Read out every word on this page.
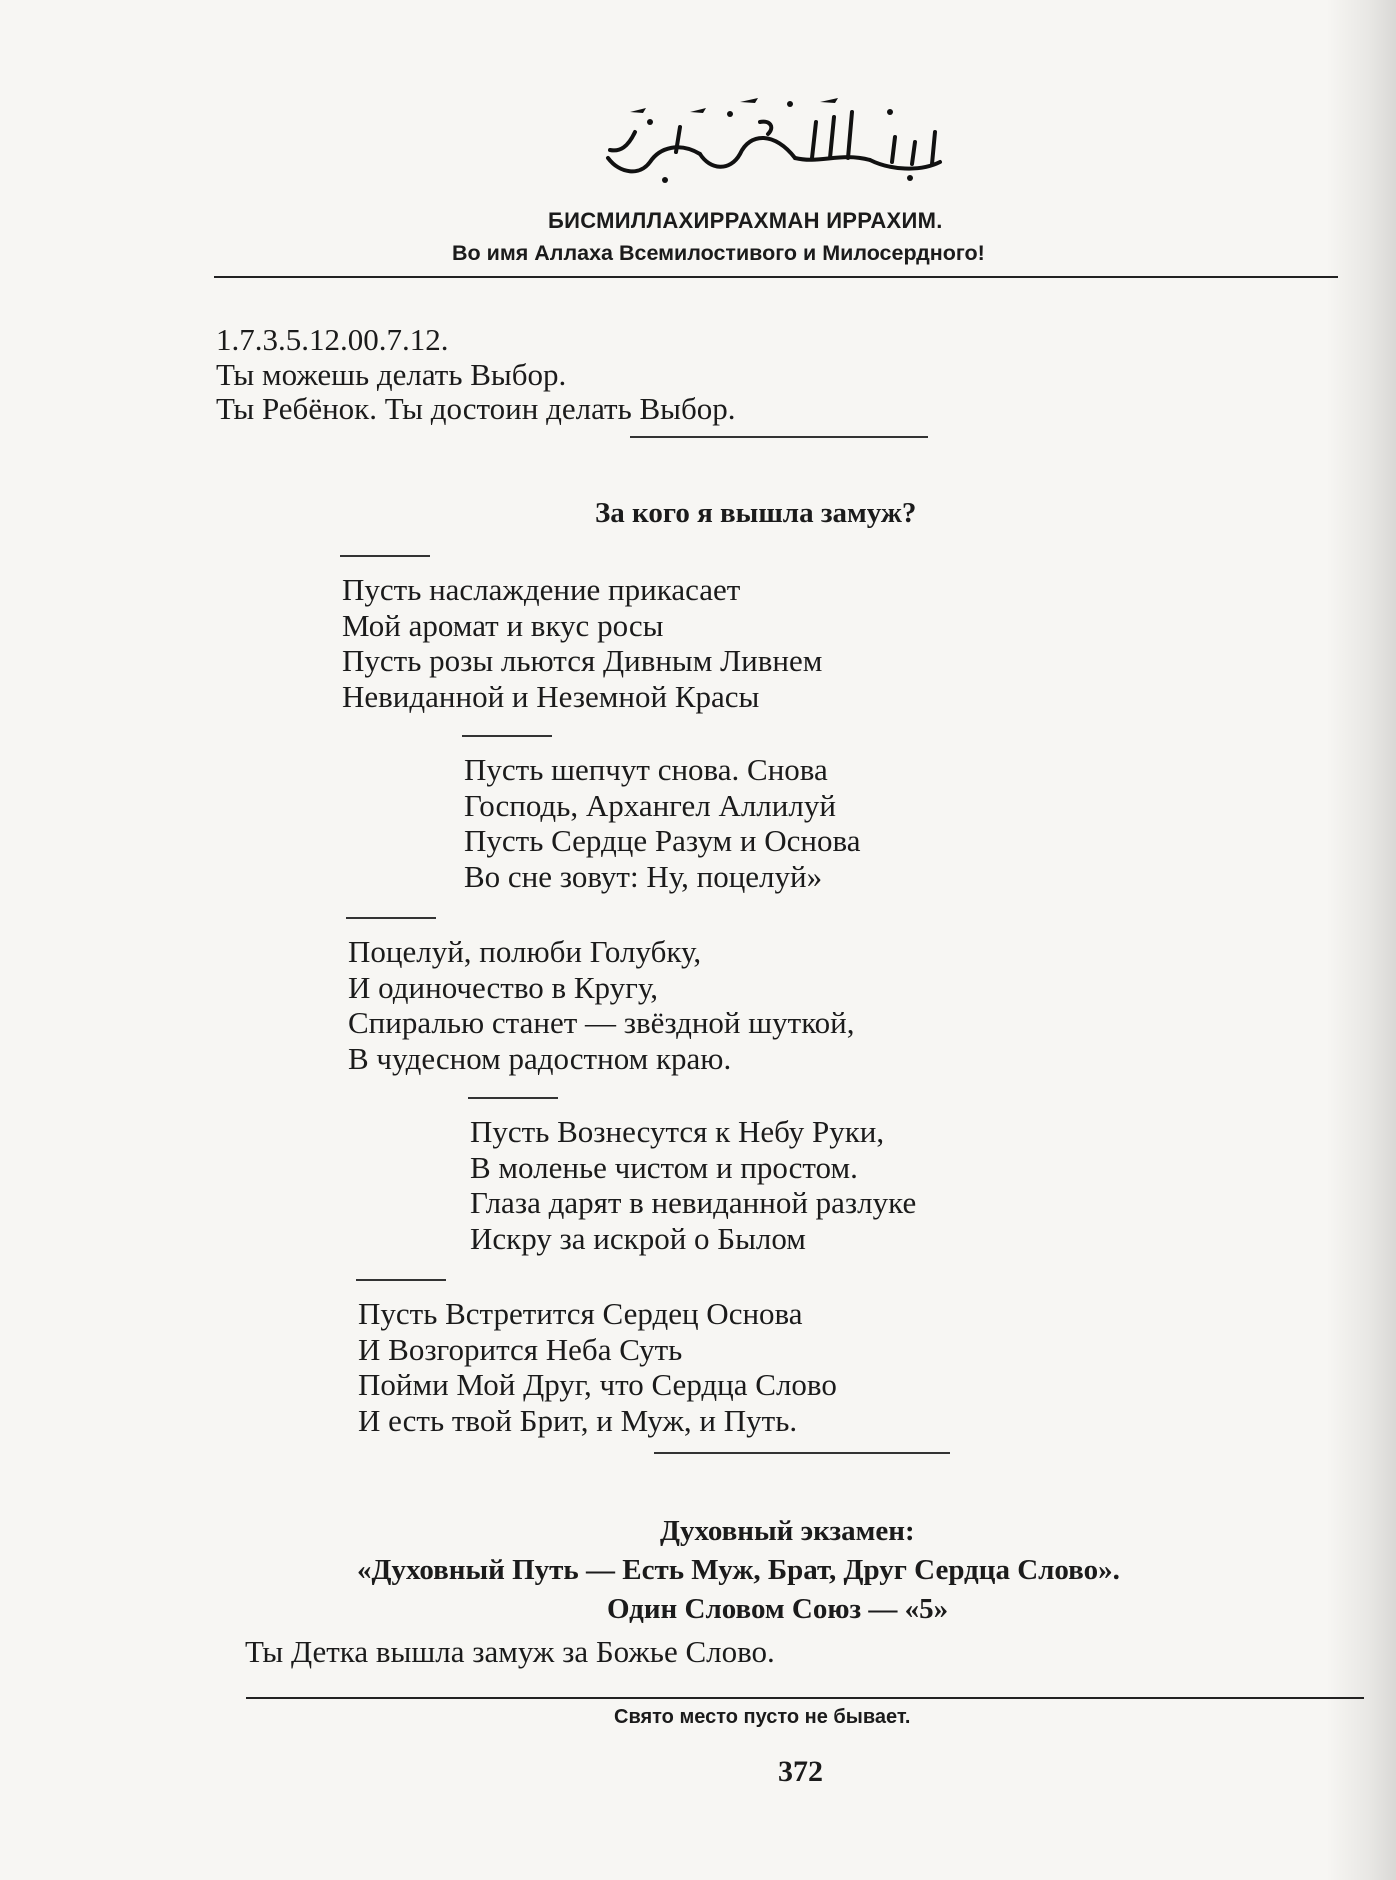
БИСМИЛЛАХИРРАХМАН ИРРАХИМ.
Во имя Аллаха Всемилостивого и Милосердного!
1.7.3.5.12.00.7.12.
Ты можешь делать Выбор.
Ты Ребёнок. Ты достоин делать Выбор.
За кого я вышла замуж?
Пусть наслаждение прикасает
Мой аромат и вкус росы
Пусть розы льются Дивным Ливнем
Невиданной и Неземной Красы
Пусть шепчут снова. Снова
Господь, Архангел Аллилуй
Пусть Сердце Разум и Основа
Во сне зовут: Ну, поцелуй»
Поцелуй, полюби Голубку,
И одиночество в Кругу,
Спиралью станет — звёздной шуткой,
В чудесном радостном краю.
Пусть Вознесутся к Небу Руки,
В моленье чистом и простом.
Глаза дарят в невиданной разлуке
Искру за искрой о Былом
Пусть Встретится Сердец Основа
И Возгорится Неба Суть
Пойми Мой Друг, что Сердца Слово
И есть твой Брит, и Муж, и Путь.
Духовный экзамен:
«Духовный Путь — Есть Муж, Брат, Друг Сердца Слово».
Один Словом Союз — «5»
Ты Детка вышла замуж за Божье Слово.
Свято место пусто не бывает.
372
